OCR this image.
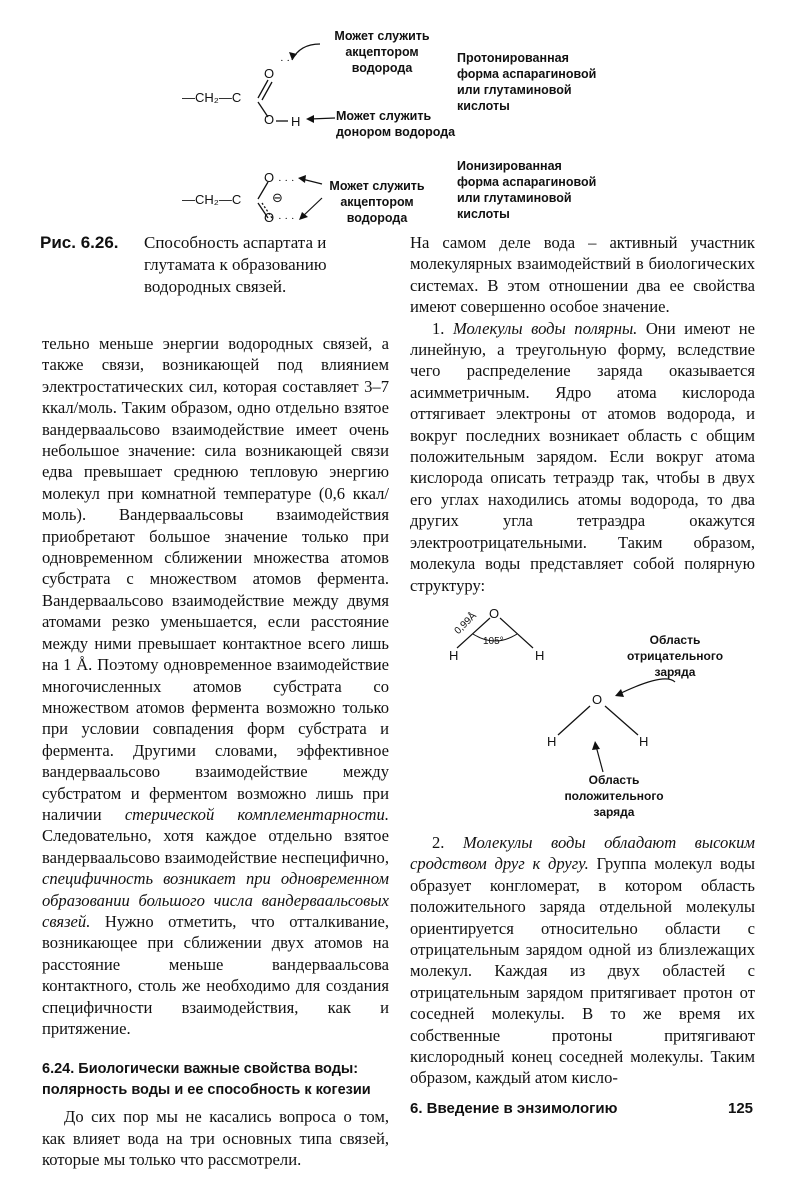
· ·
· · ·
· · ·
—CH₂—C
O
O H
Может служить
акцептором
водорода
Может служить
донором водорода
Протонированная
форма аспарагиновой
или глутаминовой
кислоты
—CH₂—C ⊖
O
O
Может служить
акцептором
водорода
Ионизированная
форма аспарагиновой
или глутаминовой
кислоты
Рис. 6.26. Способность аспартата и глутамата к образованию водородных связей.

тельно меньше энергии водородных связей, а также связи, возникающей под влиянием электростатических сил, которая составляет 3–7 ккал/моль. Таким образом, одно отдельно взятое вандерваальсово взаимодействие имеет очень небольшое значение: сила возникающей связи едва превышает среднюю тепловую энергию молекул при комнатной температуре (0,6 ккал/моль). Вандерваальсовы взаимодействия приобретают большое значение только при одновременном сближении множества атомов субстрата с множеством атомов фермента. Вандерваальсово взаимодействие между двумя атомами резко уменьшается, если расстояние между ними превышает контактное всего лишь на 1 Å. Поэтому одновременное взаимодействие многочисленных атомов субстрата со множеством атомов фермента возможно только при условии совпадения форм субстрата и фермента. Другими словами, эффективное вандерваальсово взаимодействие между субстратом и ферментом возможно лишь при наличии стерической комплементарности. Следовательно, хотя каждое отдельно взятое вандерваальсово взаимодействие неспецифично, специфичность возникает при одновременном образовании большого числа вандерваальсовых связей. Нужно отметить, что отталкивание, возникающее при сближении двух атомов на расстояние меньше вандерваальсова контактного, столь же необходимо для создания специфичности взаимодействия, как и притяжение.

6.24. Биологически важные свойства воды: полярность воды и ее способность к когезии

До сих пор мы не касались вопроса о том, как влияет вода на три основных типа связей, которые мы только что рассмотрели.

На самом деле вода – активный участник молекулярных взаимодействий в биологических системах. В этом отношении два ее свойства имеют совершенно особое значение.

1. Молекулы воды полярны. Они имеют не линейную, а треугольную форму, вследствие чего распределение заряда оказывается асимметричным. Ядро атома кислорода оттягивает электроны от атомов водорода, и вокруг последних возникает область с общим положительным зарядом. Если вокруг атома кислорода описать тетраэдр так, чтобы в двух его углах находились атомы водорода, то два других угла тетраэдра окажутся электроотрицательными. Таким образом, молекула воды представляет собой полярную структуру:

O
H	H
0,99Å
105°
O
H	H
Область
отрицательного
заряда
Область
положительного
заряда

2. Молекулы воды обладают высоким сродством друг к другу. Группа молекул воды образует конгломерат, в котором область положительного заряда отдельной молекулы ориентируется относительно области с отрицательным зарядом одной из близлежащих молекул. Каждая из двух областей с отрицательным зарядом притягивает протон от соседней молекулы. В то же время их собственные протоны притягивают кислородный конец соседней молекулы. Таким образом, каждый атом кисло-

6. Введение в энзимологию	125
